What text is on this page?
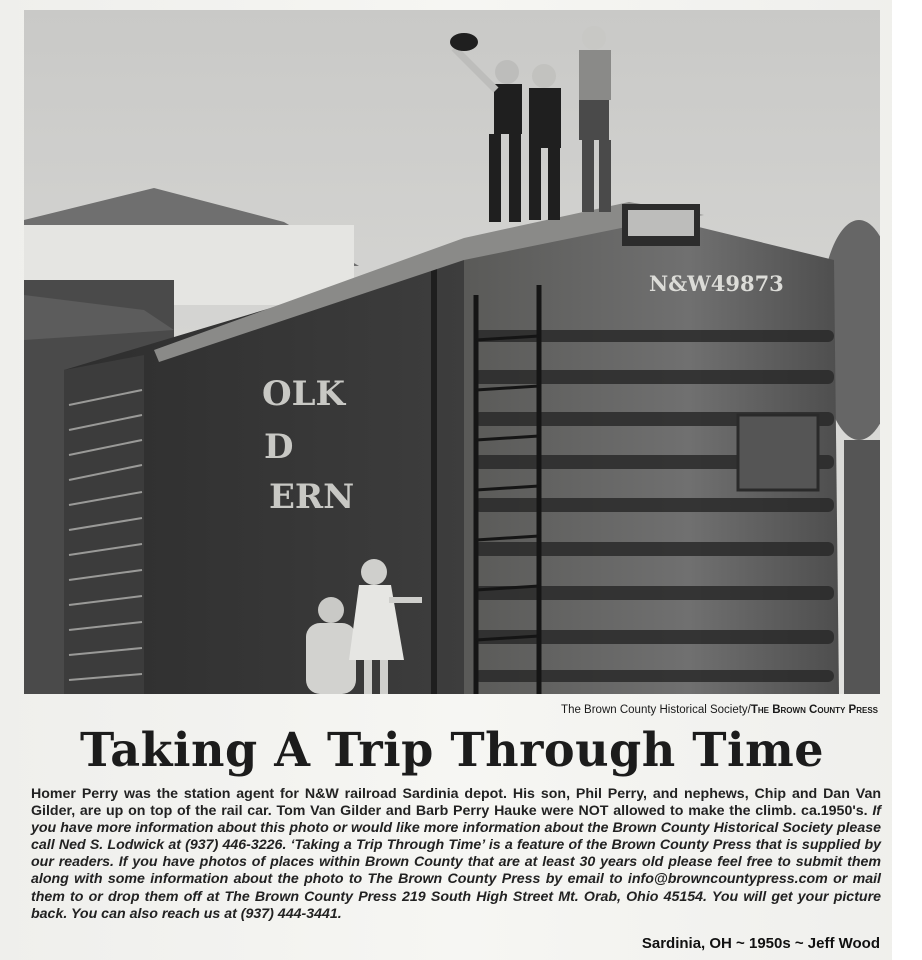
OLK
D
ERN
N&W49873
The Brown County Historical Society/The Brown County Press
Taking A Trip Through Time
Homer Perry was the station agent for N&W railroad Sardinia depot. His son, Phil Perry, and nephews, Chip and Dan Van Gilder, are up on top of the rail car. Tom Van Gilder and Barb Perry Hauke were NOT allowed to make the climb. ca.1950's. If you have more information about this photo or would like more information about the Brown County Historical Society please call Ned S. Lodwick at (937) 446-3226. ‘Taking a Trip Through Time’ is a feature of the Brown County Press that is supplied by our readers. If you have photos of places within Brown County that are at least 30 years old please feel free to submit them along with some information about the photo to The Brown County Press by email to info@browncountypress.com or mail them to or drop them off at The Brown County Press 219 South High Street Mt. Orab, Ohio 45154. You will get your picture back. You can also reach us at (937) 444-3441.
Sardinia, OH ~ 1950s ~ Jeff Wood
